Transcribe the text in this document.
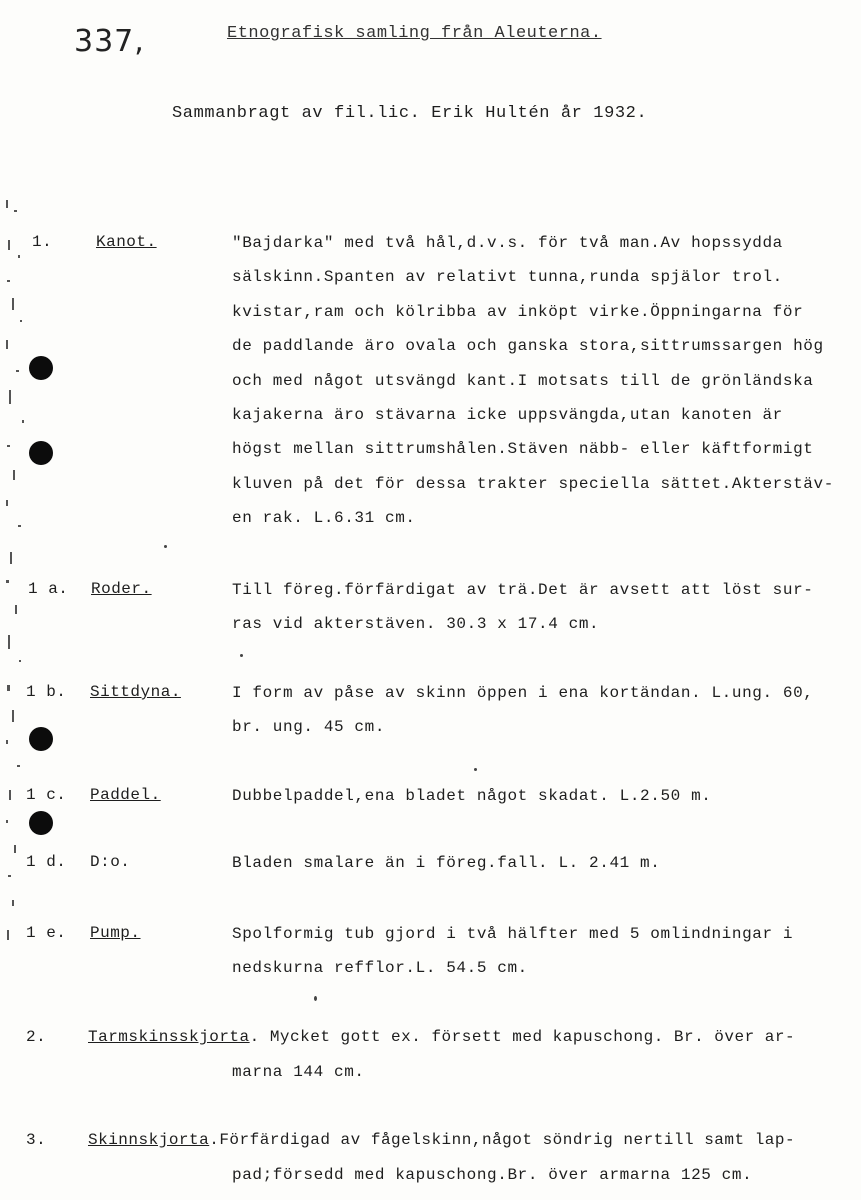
337,	Etnografisk samling från Aleuterna.
Sammanbragt av fil.lic. Erik Hultén år 1932.
1.	Kanot.	"Bajdarka" med två hål,d.v.s. för två man.Av hopssydda
sälskinn.Spanten av relativt tunna,runda spjälor trol.
kvistar,ram och kölribba av inköpt virke.Öppningarna för
de paddlande äro ovala och ganska stora,sittrumssargen hög
och med något utsvängd kant.I motsats till de grönländska
kajakerna äro stävarna icke uppsvängda,utan kanoten är
högst mellan sittrumshålen.Stäven näbb- eller käftformigt
kluven på det för dessa trakter speciella sättet.Akterstäv-
en rak. L.6.31 cm.
1 a. Roder.	Till föreg.förfärdigat av trä.Det är avsett att löst sur-
ras vid akterstäven. 30.3 x 17.4 cm.
1 b. Sittdyna.	I form av påse av skinn öppen i ena kortändan. L.ung. 60,
br. ung. 45 cm.
1 c. Paddel.	Dubbelpaddel,ena bladet något skadat. L.2.50 m.
1 d. D:o.	Bladen smalare än i föreg.fall. L. 2.41 m.
1 e. Pump.	Spolformig tub gjord i två hälfter med 5 omlindningar i
nedskurna refflor.L. 54.5 cm.
2.	Tarmskinsskjorta. Mycket gott ex. försett med kapuschong. Br. över ar-
marna 144 cm.
3.	Skinnskjorta.Förfärdigad av fågelskinn,något söndrig nertill samt lap-
pad;försedd med kapuschong.Br. över armarna 125 cm.
